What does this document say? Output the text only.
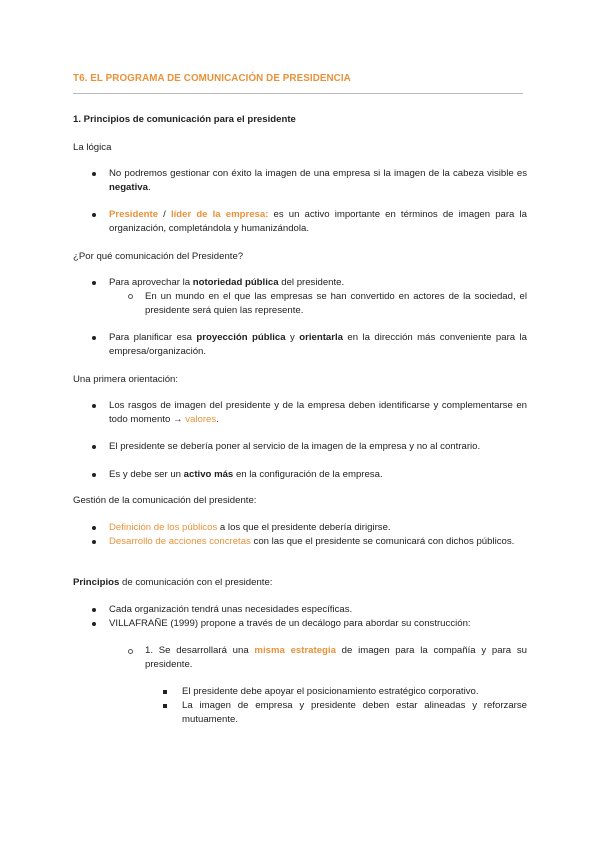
T6. EL PROGRAMA DE COMUNICACIÓN DE PRESIDENCIA
1. Principios de comunicación para el presidente
La lógica
No podremos gestionar con éxito la imagen de una empresa si la imagen de la cabeza visible es negativa.
Presidente / líder de la empresa: es un activo importante en términos de imagen para la organización, completándola y humanizándola.
¿Por qué comunicación del Presidente?
Para aprovechar la notoriedad pública del presidente.
En un mundo en el que las empresas se han convertido en actores de la sociedad, el presidente será quien las represente.
Para planificar esa proyección pública y orientarla en la dirección más conveniente para la empresa/organización.
Una primera orientación:
Los rasgos de imagen del presidente y de la empresa deben identificarse y complementarse en todo momento → valores.
El presidente se debería poner al servicio de la imagen de la empresa y no al contrario.
Es y debe ser un activo más en la configuración de la empresa.
Gestión de la comunicación del presidente:
Definición de los públicos a los que el presidente debería dirigirse.
Desarrollo de acciones concretas con las que el presidente se comunicará con dichos públicos.
Principios de comunicación con el presidente:
Cada organización tendrá unas necesidades específicas.
VILLAFRAÑE (1999) propone a través de un decálogo para abordar su construcción:
1. Se desarrollará una misma estrategia de imagen para la compañía y para su presidente.
El presidente debe apoyar el posicionamiento estratégico corporativo.
La imagen de empresa y presidente deben estar alineadas y reforzarse mutuamente.
